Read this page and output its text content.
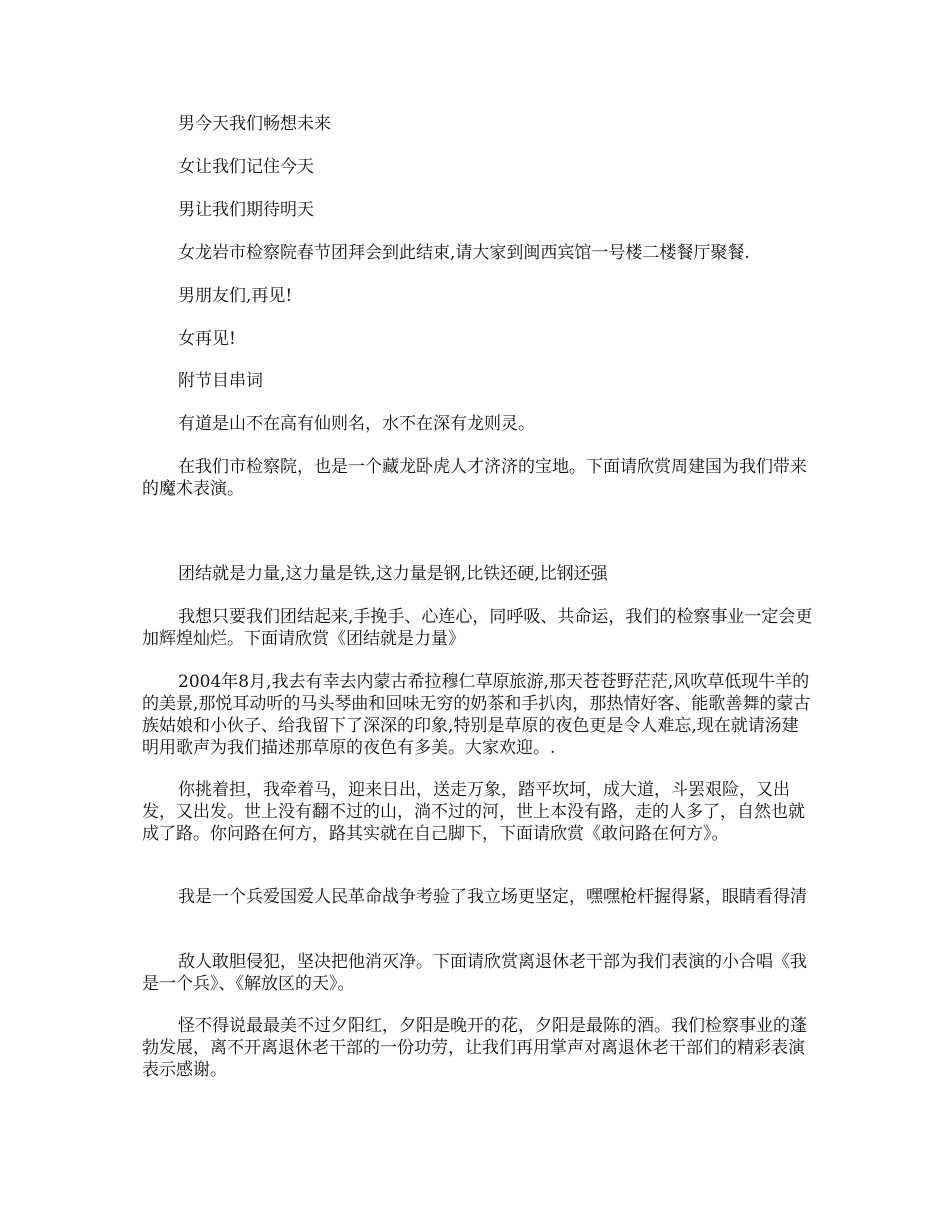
男今天我们畅想未来

女让我们记住今天

男让我们期待明天

女龙岩市检察院春节团拜会到此结束,请大家到闽西宾馆一号楼二楼餐厅聚餐.

男朋友们,再见!

女再见!

附节目串词

有道是山不在高有仙则名，水不在深有龙则灵。

在我们市检察院，也是一个藏龙卧虎人才济济的宝地。下面请欣赏周建国为我们带来的魔术表演。

团结就是力量,这力量是铁,这力量是钢,比铁还硬,比钢还强

我想只要我们团结起来,手挽手、心连心，同呼吸、共命运，我们的检察事业一定会更加辉煌灿烂。下面请欣赏《团结就是力量》

2004年8月,我去有幸去内蒙古希拉穆仁草原旅游,那天苍苍野茫茫,风吹草低现牛羊的的美景,那悦耳动听的马头琴曲和回味无穷的奶茶和手扒肉，那热情好客、能歌善舞的蒙古族姑娘和小伙子、给我留下了深深的印象,特别是草原的夜色更是令人难忘,现在就请汤建明用歌声为我们描述那草原的夜色有多美。大家欢迎。.

你挑着担，我牵着马，迎来日出，送走万象，踏平坎坷，成大道，斗罢艰险，又出发，又出发。世上没有翻不过的山，淌不过的河，世上本没有路，走的人多了，自然也就成了路。你问路在何方，路其实就在自己脚下，下面请欣赏《敢问路在何方》。

我是一个兵爱国爱人民革命战争考验了我立场更坚定，嘿嘿枪杆握得紧，眼睛看得清

敌人敢胆侵犯，坚决把他消灭净。下面请欣赏离退休老干部为我们表演的小合唱《我是一个兵》、《解放区的天》。

怪不得说最最美不过夕阳红，夕阳是晚开的花，夕阳是最陈的酒。我们检察事业的蓬勃发展，离不开离退休老干部的一份功劳，让我们再用掌声对离退休老干部们的精彩表演表示感谢。
